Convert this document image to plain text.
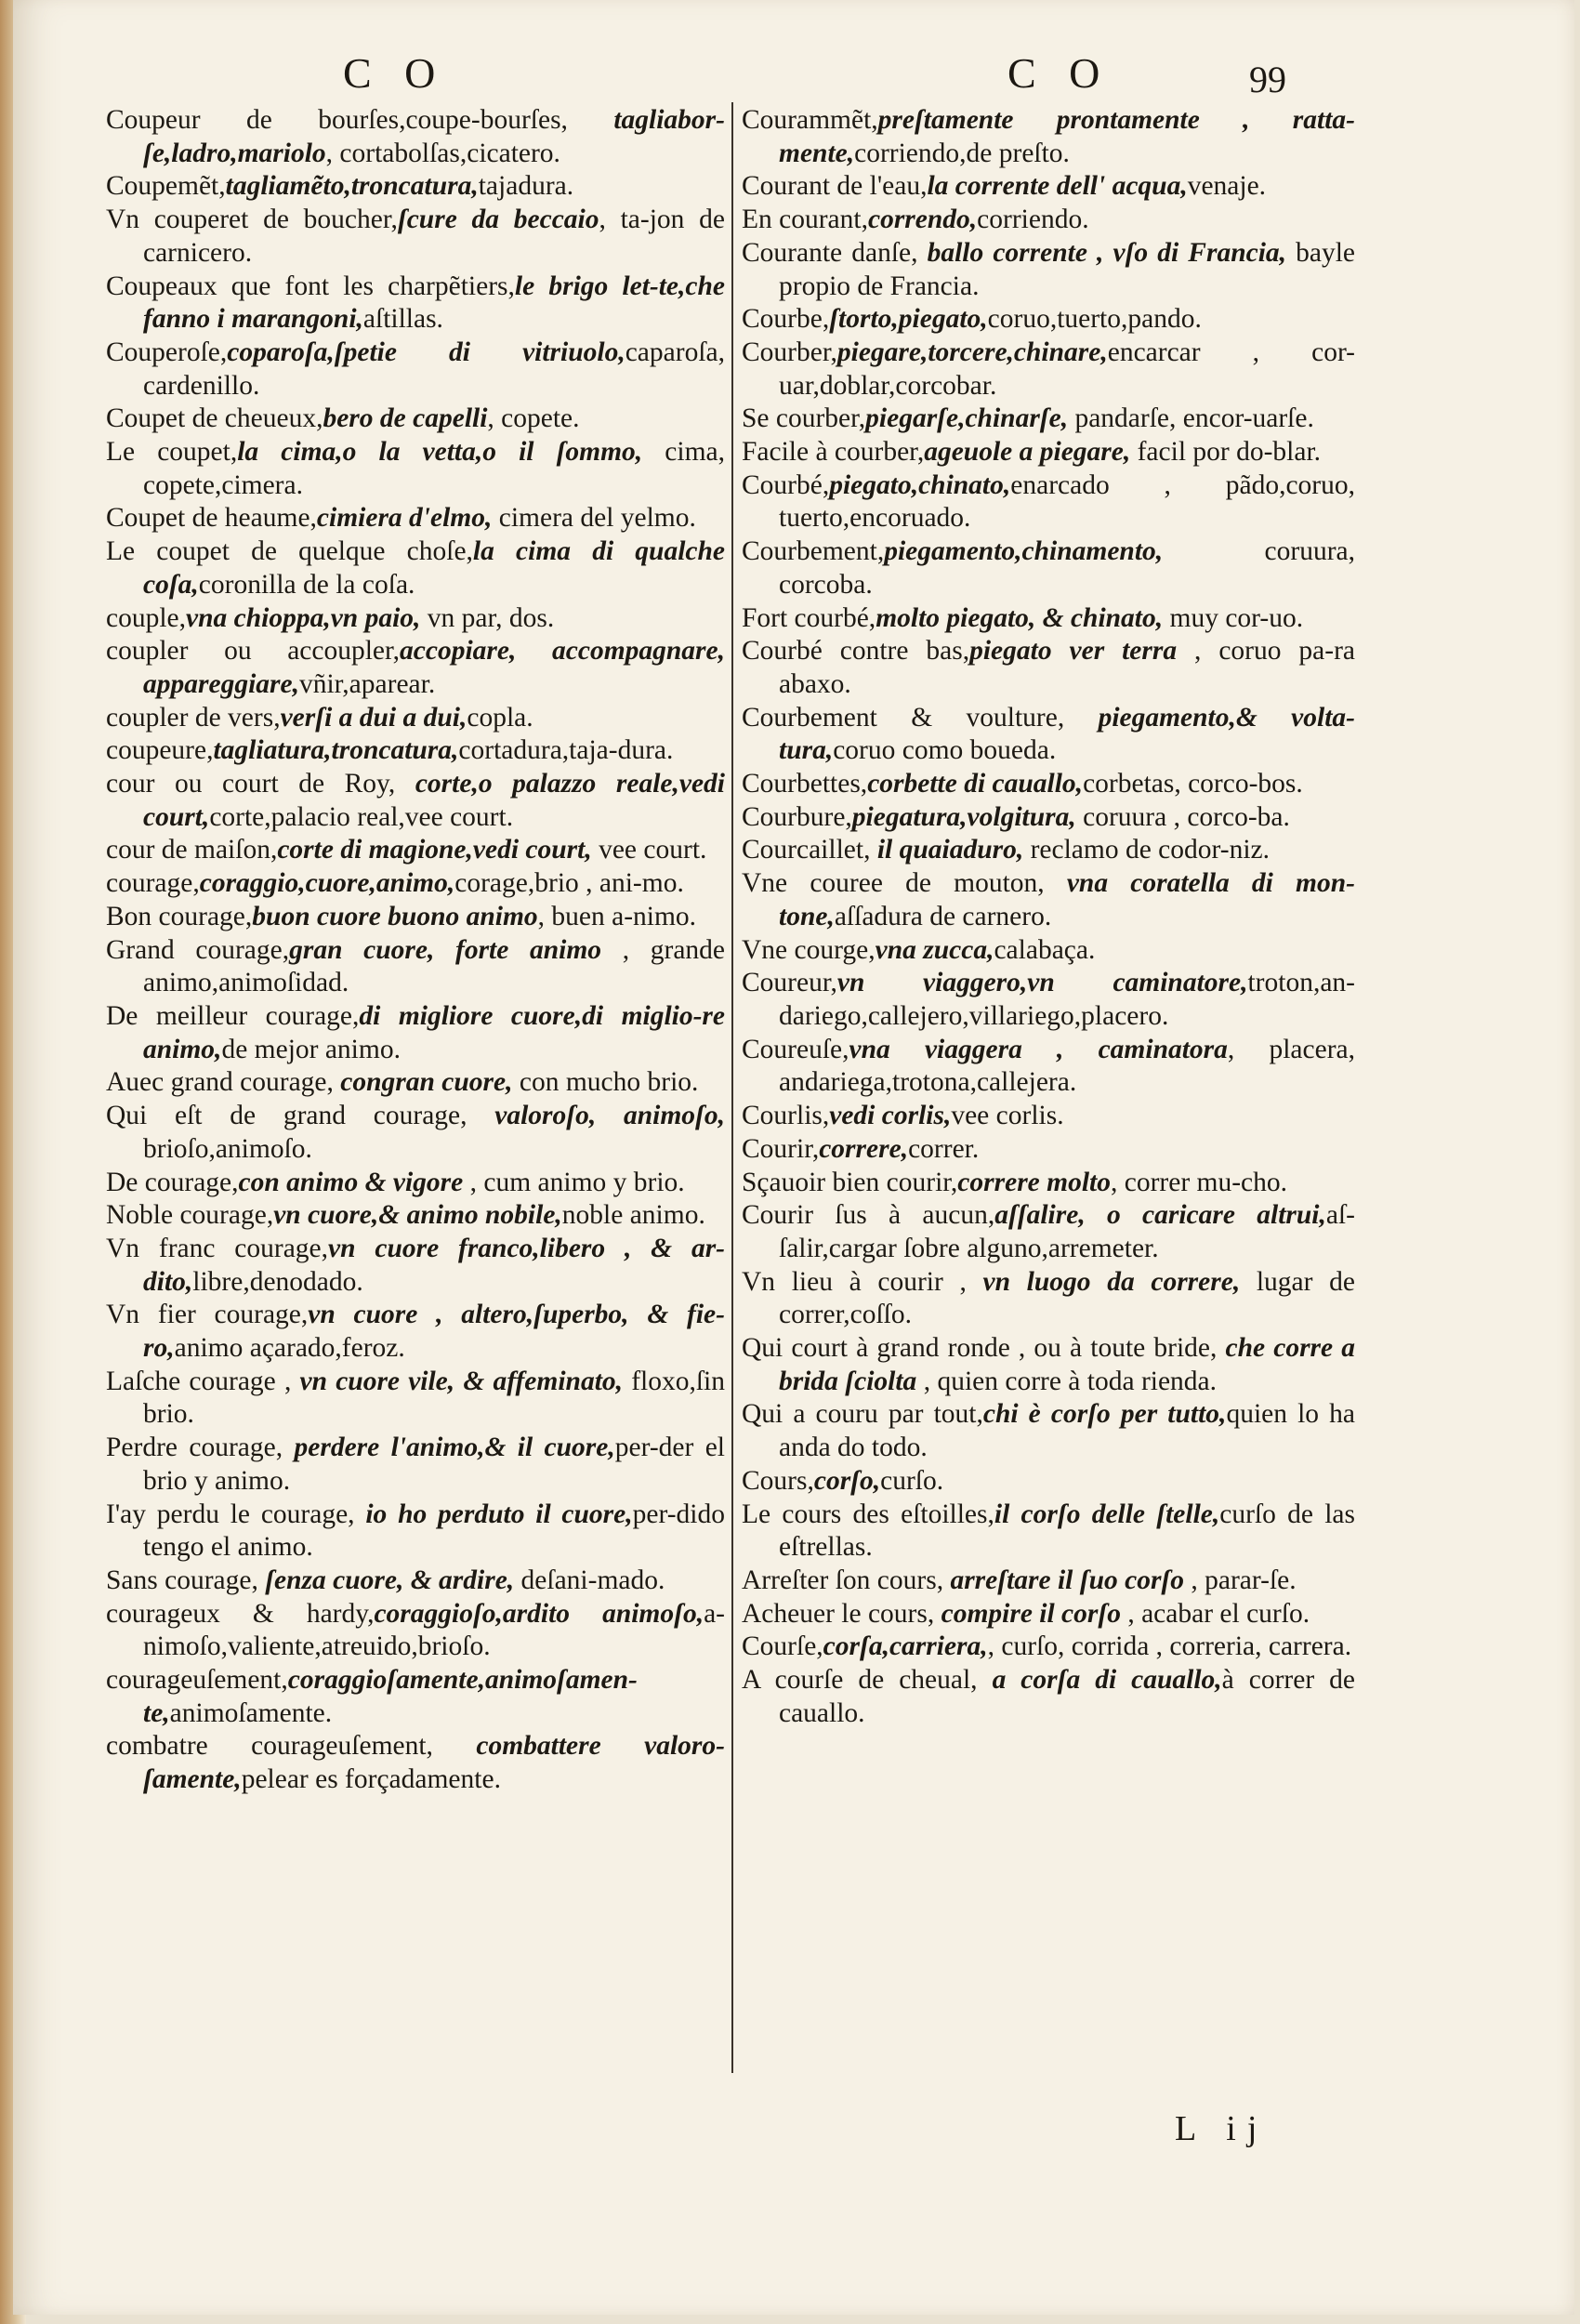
C O	C O	99

Coupeur de bourſes,coupe-bourſes, tagliabor-ſe,ladro,mariolo, cortabolſas,cicatero.

Coupemẽt,tagliamẽto,troncatura,tajadura.

Vn couperet de boucher,ſcure da beccaio, ta-jon de carnicero.

Coupeaux que font les charpẽtiers,le brigo let-te,che fanno i marangoni,aſtillas.

Couperoſe,coparoſa,ſpetie di vitriuolo,caparoſa, cardenillo.

Coupet de cheueux,bero de capelli, copete.

Le coupet,la cima,o la vetta,o il ſommo, cima, copete,cimera.

Coupet de heaume,cimiera d'elmo, cimera del yelmo.

Le coupet de quelque choſe,la cima di qualche coſa,coronilla de la coſa.

couple,vna chioppa,vn paio, vn par, dos.

coupler ou accoupler,accopiare, accompagnare, appareggiare,vñir,aparear.

coupler de vers,verſi a dui a dui,copla.

coupeure,tagliatura,troncatura,cortadura,taja-dura.

cour ou court de Roy, corte,o palazzo reale,vedi court,corte,palacio real,vee court.

cour de maiſon,corte di magione,vedi court, vee court.

courage,coraggio,cuore,animo,corage,brio , ani-mo.

Bon courage,buon cuore buono animo, buen a-nimo.

Grand courage,gran cuore, forte animo , grande animo,animoſidad.

De meilleur courage,di migliore cuore,di miglio-re animo,de mejor animo.

Auec grand courage, congran cuore, con mucho brio.

Qui eſt de grand courage, valoroſo, animoſo, brioſo,animoſo.

De courage,con animo & vigore , cum animo y brio.

Noble courage,vn cuore,& animo nobile,noble animo.

Vn franc courage,vn cuore franco,libero , & ar-dito,libre,denodado.

Vn fier courage,vn cuore , altero,ſuperbo, & fie-ro,animo açarado,feroz.

Laſche courage , vn cuore vile, & affeminato, floxo,ſin brio.

Perdre courage, perdere l'animo,& il cuore,per-der el brio y animo.

I'ay perdu le courage, io ho perduto il cuore,per-dido tengo el animo.

Sans courage, ſenza cuore, & ardire, deſani-mado.

courageux & hardy,coraggioſo,ardito animoſo,a-nimoſo,valiente,atreuido,brioſo.

courageuſement,coraggioſamente,animoſamen-te,animoſamente.

combatre courageuſement, combattere valoro-ſamente,pelear es forçadamente.

Courammẽt,preſtamente prontamente , ratta-mente,corriendo,de preſto.

Courant de l'eau,la corrente dell' acqua,venaje.

En courant,correndo,corriendo.

Courante danſe, ballo corrente , vſo di Francia, bayle propio de Francia.

Courbe,ſtorto,piegato,coruo,tuerto,pando.

Courber,piegare,torcere,chinare,encarcar , cor-uar,doblar,corcobar.

Se courber,piegarſe,chinarſe, pandarſe, encor-uarſe.

Facile à courber,ageuole a piegare, facil por do-blar.

Courbé,piegato,chinato,enarcado , pãdo,coruo, tuerto,encoruado.

Courbement,piegamento,chinamento, coruura, corcoba.

Fort courbé,molto piegato, & chinato, muy cor-uo.

Courbé contre bas,piegato ver terra , coruo pa-ra abaxo.

Courbement & voulture, piegamento,& volta-tura,coruo como boueda.

Courbettes,corbette di cauallo,corbetas, corco-bos.

Courbure,piegatura,volgitura, coruura , corco-ba.

Courcaillet, il quaiaduro, reclamo de codor-niz.

Vne couree de mouton, vna coratella di mon-tone,aſſadura de carnero.

Vne courge,vna zucca,calabaça.

Coureur,vn viaggero,vn caminatore,troton,an-dariego,callejero,villariego,placero.

Coureuſe,vna viaggera , caminatora, placera, andariega,trotona,callejera.

Courlis,vedi corlis,vee corlis.

Courir,correre,correr.

Sçauoir bien courir,correre molto, correr mu-cho.

Courir ſus à aucun,aſſalire, o caricare altrui,aſ-ſalir,cargar ſobre alguno,arremeter.

Vn lieu à courir , vn luogo da correre, lugar de correr,coſſo.

Qui court à grand ronde , ou à toute bride, che corre a brida ſciolta , quien corre à toda rienda.

Qui a couru par tout,chi è corſo per tutto,quien lo ha anda do todo.

Cours,corſo,curſo.

Le cours des eſtoilles,il corſo delle ſtelle,curſo de las eſtrellas.

Arreſter ſon cours, arreſtare il ſuo corſo , parar-ſe.

Acheuer le cours, compire il corſo , acabar el curſo.

Courſe,corſa,carriera,, curſo, corrida , correria, carrera.

A courſe de cheual, a corſa di cauallo,à correr de cauallo.

L ij
